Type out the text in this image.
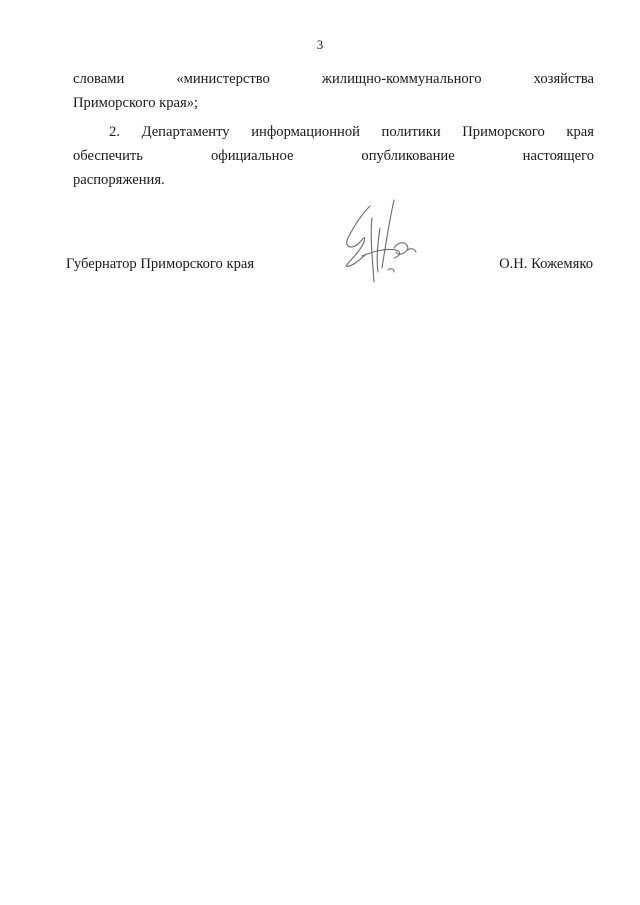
3
словами	«министерство	жилищно-коммунального	хозяйства
Приморского края»;
2. Департаменту информационной политики Приморского края
обеспечить	официальное	опубликование	настоящего
распоряжения.
Губернатор Приморского края	О.Н. Кожемяко
